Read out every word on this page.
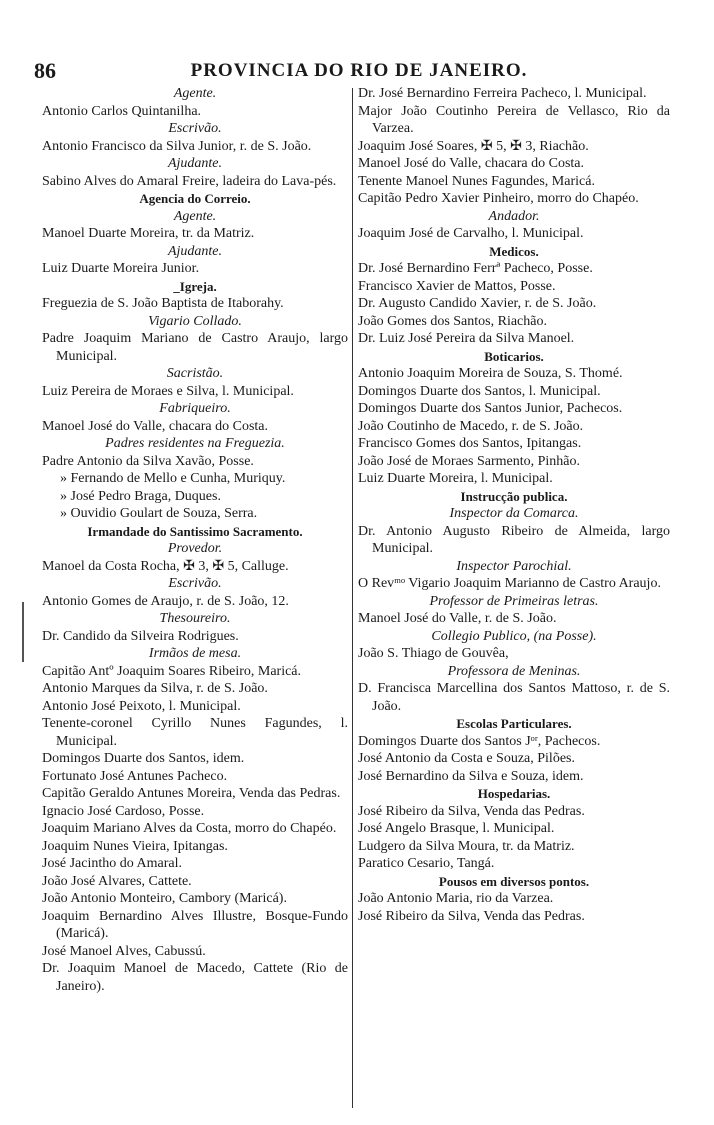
86	PROVINCIA DO RIO DE JANEIRO.
Agente.
Antonio Carlos Quintanilha.
Escrivão.
Antonio Francisco da Silva Junior, r. de S. João.
Ajudante.
Sabino Alves do Amaral Freire, ladeira do Lava-pés.
Agencia do Correio.
Agente.
Manoel Duarte Moreira, tr. da Matriz.
Ajudante.
Luiz Duarte Moreira Junior.
_Igreja.
Freguezia de S. João Baptista de Itaborahy.
Vigario Collado.
Padre Joaquim Mariano de Castro Araujo, largo Municipal.
Sacristão.
Luiz Pereira de Moraes e Silva, l. Municipal.
Fabriqueiro.
Manoel José do Valle, chacara do Costa.
Padres residentes na Freguezia.
Padre Antonio da Silva Xavão, Posse.
» Fernando de Mello e Cunha, Muriquy.
» José Pedro Braga, Duques.
» Ouvidio Goulart de Souza, Serra.
Irmandade do Santissimo Sacramento.
Provedor.
Manoel da Costa Rocha, ✠ 3, ✠ 5, Calluge.
Escrivão.
Antonio Gomes de Araujo, r. de S. João, 12.
Thesoureiro.
Dr. Candido da Silveira Rodrigues.
Irmãos de mesa.
Capitão Antº Joaquim Soares Ribeiro, Maricá.
Antonio Marques da Silva, r. de S. João.
Antonio José Peixoto, l. Municipal.
Tenente-coronel Cyrillo Nunes Fagundes, l. Municipal.
Domingos Duarte dos Santos, idem.
Fortunato José Antunes Pacheco.
Capitão Geraldo Antunes Moreira, Venda das Pedras.
Ignacio José Cardoso, Posse.
Joaquim Mariano Alves da Costa, morro do Chapéo.
Joaquim Nunes Vieira, Ipitangas.
José Jacintho do Amaral.
João José Alvares, Cattete.
João Antonio Monteiro, Cambory (Maricá).
Joaquim Bernardino Alves Illustre, Bosque-Fundo (Maricá).
José Manoel Alves, Cabussú.
Dr. Joaquim Manoel de Macedo, Cattete (Rio de Janeiro).
Dr. José Bernardino Ferreira Pacheco, l. Municipal.
Major João Coutinho Pereira de Vellasco, Rio da Varzea.
Joaquim José Soares, ✠ 5, ✠ 3, Riachão.
Manoel José do Valle, chacara do Costa.
Tenente Manoel Nunes Fagundes, Maricá.
Capitão Pedro Xavier Pinheiro, morro do Chapéo.
Andador.
Joaquim José de Carvalho, l. Municipal.
Medicos.
Dr. José Bernardino Ferrª Pacheco, Posse.
Francisco Xavier de Mattos, Posse.
Dr. Augusto Candido Xavier, r. de S. João.
João Gomes dos Santos, Riachão.
Dr. Luiz José Pereira da Silva Manoel.
Boticarios.
Antonio Joaquim Moreira de Souza, S. Thomé.
Domingos Duarte dos Santos, l. Municipal.
Domingos Duarte dos Santos Junior, Pachecos.
João Coutinho de Macedo, r. de S. João.
Francisco Gomes dos Santos, Ipitangas.
João José de Moraes Sarmento, Pinhão.
Luiz Duarte Moreira, l. Municipal.
Instrucção publica.
Inspector da Comarca.
Dr. Antonio Augusto Ribeiro de Almeida, largo Municipal.
Inspector Parochial.
O Revᵐᵒ Vigario Joaquim Marianno de Castro Araujo.
Professor de Primeiras letras.
Manoel José do Valle, r. de S. João.
Collegio Publico, (na Posse).
João S. Thiago de Gouvêa,
Professora de Meninas.
D. Francisca Marcellina dos Santos Mattoso, r. de S. João.
Escolas Particulares.
Domingos Duarte dos Santos Jᵒʳ, Pachecos.
José Antonio da Costa e Souza, Pilões.
José Bernardino da Silva e Souza, idem.
Hospedarias.
José Ribeiro da Silva, Venda das Pedras.
José Angelo Brasque, l. Municipal.
Ludgero da Silva Moura, tr. da Matriz.
Paratico Cesario, Tangá.
Pousos em diversos pontos.
João Antonio Maria, rio da Varzea.
José Ribeiro da Silva, Venda das Pedras.
